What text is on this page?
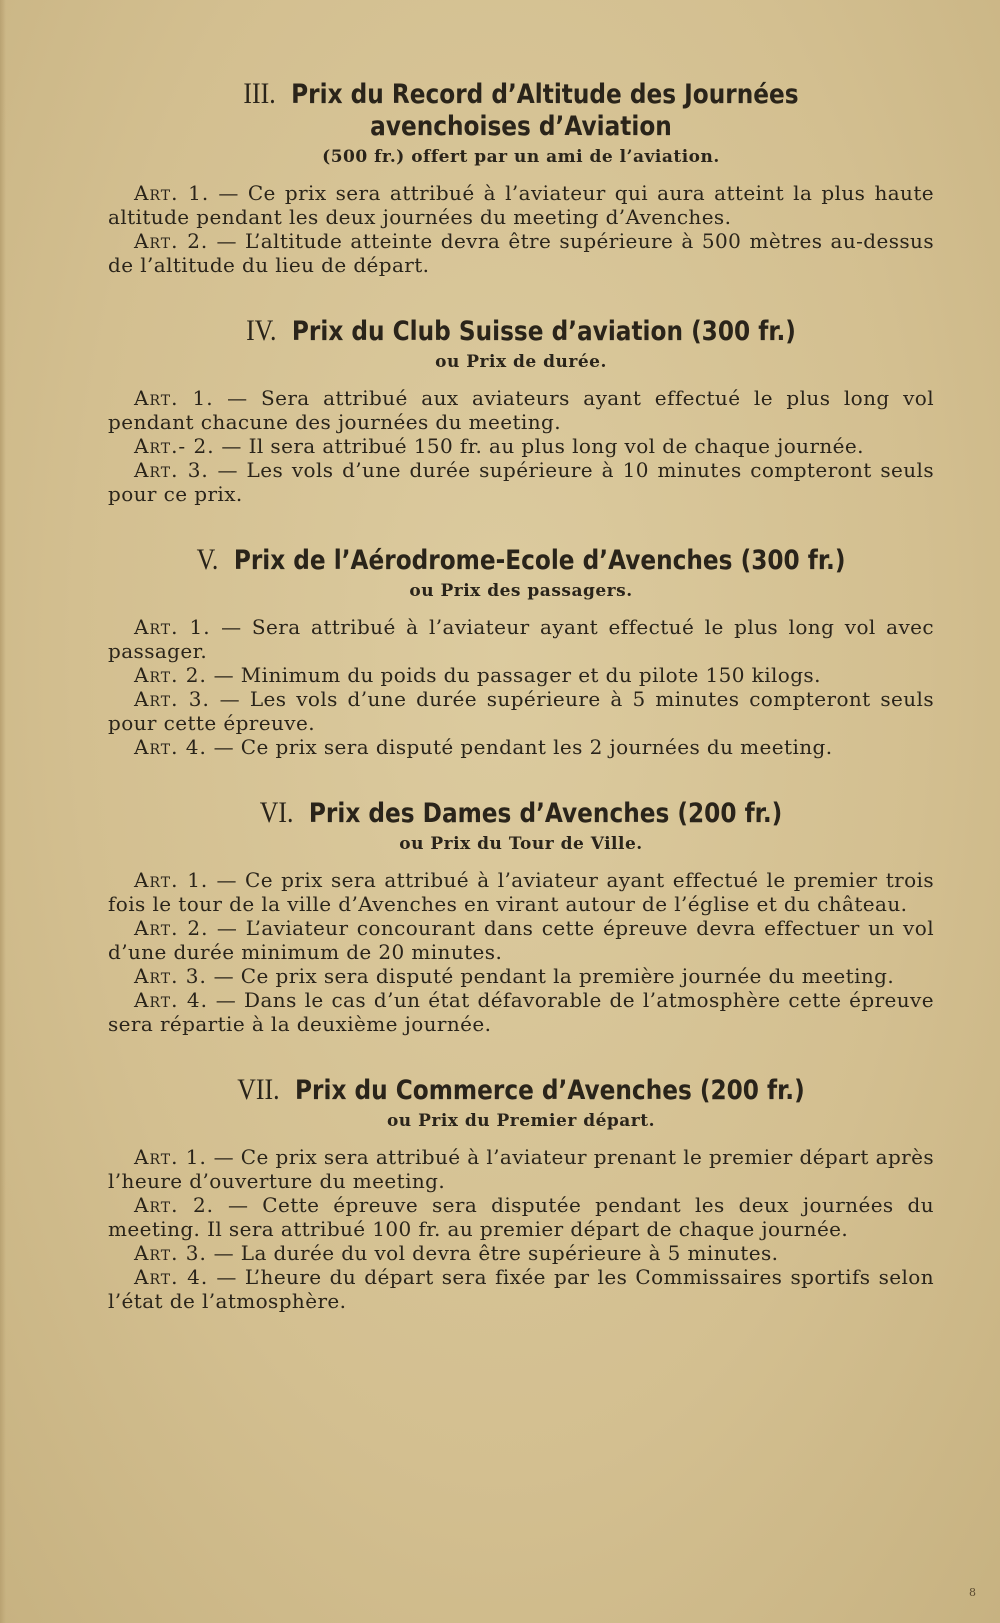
III. Prix du Record d’Altitude des Journées avenchoises d’Aviation
(500 fr.) offert par un ami de l’aviation.
Art. 1. — Ce prix sera attribué à l’aviateur qui aura atteint la plus haute altitude pendant les deux journées du meeting d’Avenches.
Art. 2. — L’altitude atteinte devra être supérieure à 500 mètres au-dessus de l’altitude du lieu de départ.
IV. Prix du Club Suisse d’aviation (300 fr.)
ou Prix de durée.
Art. 1. — Sera attribué aux aviateurs ayant effectué le plus long vol pendant chacune des journées du meeting.
Art.- 2. — Il sera attribué 150 fr. au plus long vol de chaque journée.
Art. 3. — Les vols d’une durée supérieure à 10 minutes compteront seuls pour ce prix.
V. Prix de l’Aérodrome-Ecole d’Avenches (300 fr.)
ou Prix des passagers.
Art. 1. — Sera attribué à l’aviateur ayant effectué le plus long vol avec passager.
Art. 2. — Minimum du poids du passager et du pilote 150 kilogs.
Art. 3. — Les vols d’une durée supérieure à 5 minutes compteront seuls pour cette épreuve.
Art. 4. — Ce prix sera disputé pendant les 2 journées du meeting.
VI. Prix des Dames d’Avenches (200 fr.)
ou Prix du Tour de Ville.
Art. 1. — Ce prix sera attribué à l’aviateur ayant effectué le premier trois fois le tour de la ville d’Avenches en virant autour de l’église et du château.
Art. 2. — L’aviateur concourant dans cette épreuve devra effectuer un vol d’une durée minimum de 20 minutes.
Art. 3. — Ce prix sera disputé pendant la première journée du meeting.
Art. 4. — Dans le cas d’un état défavorable de l’atmosphère cette épreuve sera répartie à la deuxième journée.
VII. Prix du Commerce d’Avenches (200 fr.)
ou Prix du Premier départ.
Art. 1. — Ce prix sera attribué à l’aviateur prenant le premier départ après l’heure d’ouverture du meeting.
Art. 2. — Cette épreuve sera disputée pendant les deux journées du meeting. Il sera attribué 100 fr. au premier départ de chaque journée.
Art. 3. — La durée du vol devra être supérieure à 5 minutes.
Art. 4. — L’heure du départ sera fixée par les Commissaires sportifs selon l’état de l’atmosphère.
8
